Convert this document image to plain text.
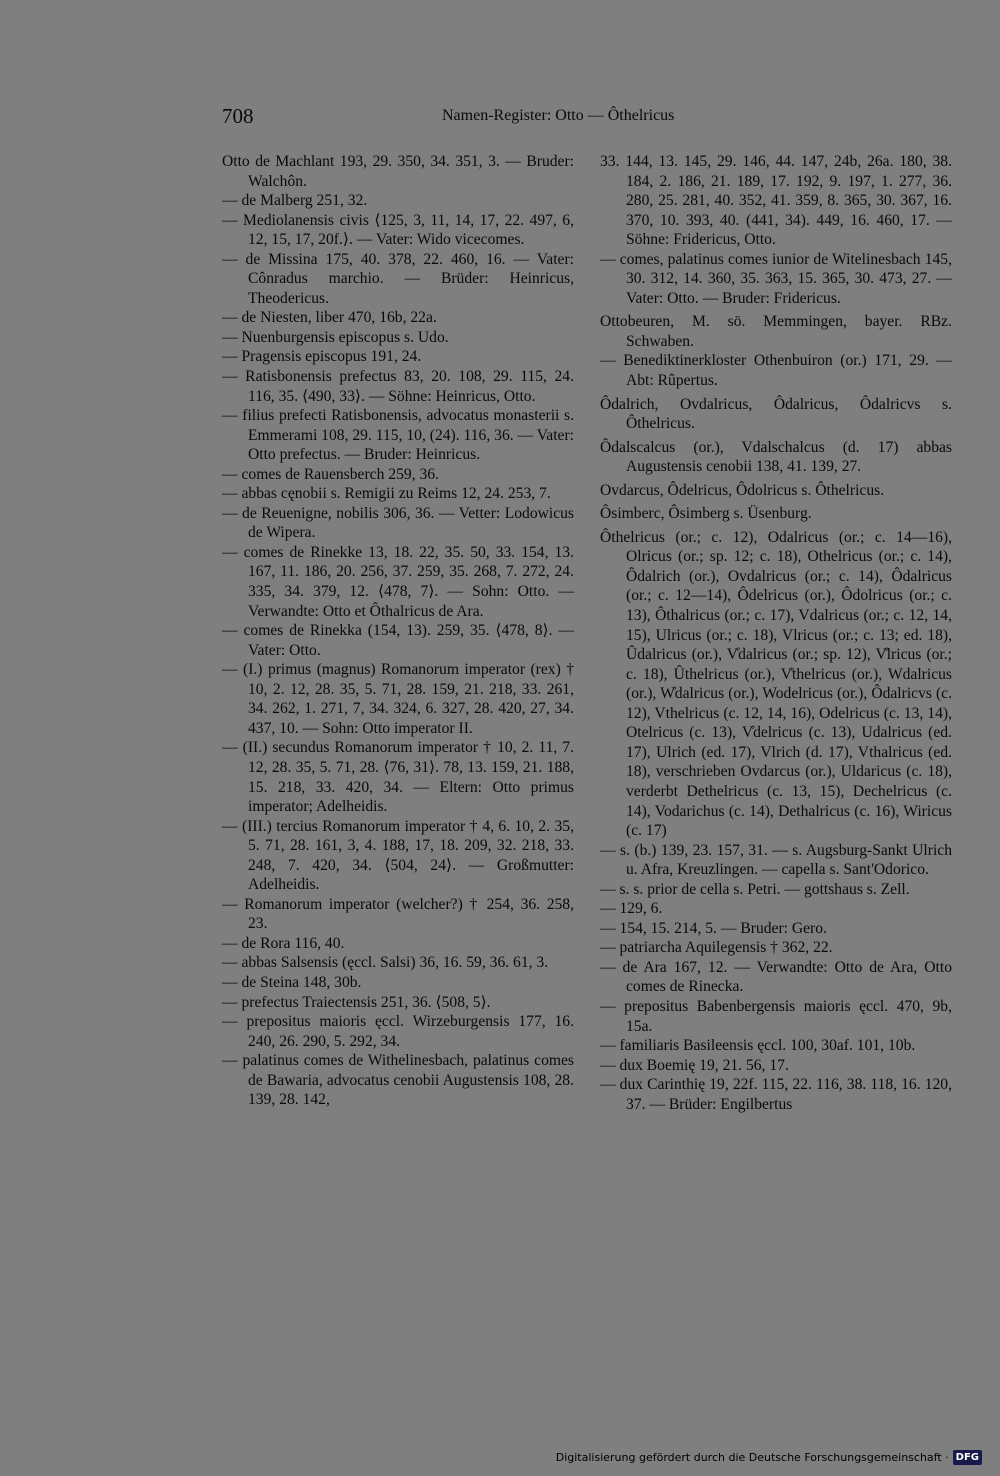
708	Namen-Register: Otto — Ôthelricus

Otto de Machlant 193, 29. 350, 34. 351, 3. — Bruder: Walchôn.

— de Malberg 251, 32.

— Mediolanensis civis ⟨125, 3, 11, 14, 17, 22. 497, 6, 12, 15, 17, 20f.⟩. — Vater: Wido vicecomes.

— de Missina 175, 40. 378, 22. 460, 16. — Vater: Cônradus marchio. — Brüder: Heinricus, Theodericus.

— de Niesten, liber 470, 16b, 22a.

— Nuenburgensis episcopus s. Udo.

— Pragensis episcopus 191, 24.

— Ratisbonensis prefectus 83, 20. 108, 29. 115, 24. 116, 35. ⟨490, 33⟩. — Söhne: Heinricus, Otto.

— filius prefecti Ratisbonensis, advocatus monasterii s. Emmerami 108, 29. 115, 10, (24). 116, 36. — Vater: Otto prefectus. — Bruder: Heinricus.

— comes de Rauensberch 259, 36.

— abbas cęnobii s. Remigii zu Reims 12, 24. 253, 7.

— de Reuenigne, nobilis 306, 36. — Vetter: Lodowicus de Wipera.

— comes de Rinekke 13, 18. 22, 35. 50, 33. 154, 13. 167, 11. 186, 20. 256, 37. 259, 35. 268, 7. 272, 24. 335, 34. 379, 12. ⟨478, 7⟩. — Sohn: Otto. — Verwandte: Otto et Ôthalricus de Ara.

— comes de Rinekka (154, 13). 259, 35. ⟨478, 8⟩. — Vater: Otto.

— (I.) primus (magnus) Romanorum imperator (rex) † 10, 2. 12, 28. 35, 5. 71, 28. 159, 21. 218, 33. 261, 34. 262, 1. 271, 7, 34. 324, 6. 327, 28. 420, 27, 34. 437, 10. — Sohn: Otto imperator II.

— (II.) secundus Romanorum imperator † 10, 2. 11, 7. 12, 28. 35, 5. 71, 28. ⟨76, 31⟩. 78, 13. 159, 21. 188, 15. 218, 33. 420, 34. — Eltern: Otto primus imperator; Adelheidis.

— (III.) tercius Romanorum imperator † 4, 6. 10, 2. 35, 5. 71, 28. 161, 3, 4. 188, 17, 18. 209, 32. 218, 33. 248, 7. 420, 34. ⟨504, 24⟩. — Großmutter: Adelheidis.

— Romanorum imperator (welcher?) † 254, 36. 258, 23.

— de Rora 116, 40.

— abbas Salsensis (ęccl. Salsi) 36, 16. 59, 36. 61, 3.

— de Steina 148, 30b.

— prefectus Traiectensis 251, 36. ⟨508, 5⟩.

— prepositus maioris ęccl. Wirzeburgensis 177, 16. 240, 26. 290, 5. 292, 34.

— palatinus comes de Withelinesbach, palatinus comes de Bawaria, advocatus cenobii Augustensis 108, 28. 139, 28. 142,

33. 144, 13. 145, 29. 146, 44. 147, 24b, 26a. 180, 38. 184, 2. 186, 21. 189, 17. 192, 9. 197, 1. 277, 36. 280, 25. 281, 40. 352, 41. 359, 8. 365, 30. 367, 16. 370, 10. 393, 40. (441, 34). 449, 16. 460, 17. — Söhne: Fridericus, Otto.

— comes, palatinus comes iunior de Witelinesbach 145, 30. 312, 14. 360, 35. 363, 15. 365, 30. 473, 27. — Vater: Otto. — Bruder: Fridericus.

Ottobeuren, M. sö. Memmingen, bayer. RBz. Schwaben.

— Benediktinerkloster Othenbuiron (or.) 171, 29. — Abt: Rûpertus.

Ôdalrich, Ovdalricus, Ôdalricus, Ôdalricvs s. Ôthelricus.

Ôdalscalcus (or.), Vdalschalcus (d. 17) abbas Augustensis cenobii 138, 41. 139, 27.

Ovdarcus, Ôdelricus, Ôdolricus s. Ôthelricus.

Ôsimberc, Ôsimberg s. Üsenburg.

Ôthelricus (or.; c. 12), Odalricus (or.; c. 14—16), Olricus (or.; sp. 12; c. 18), Othelricus (or.; c. 14), Ôdalrich (or.), Ovdalricus (or.; c. 14), Ôdalricus (or.; c. 12—14), Ôdelricus (or.), Ôdolricus (or.; c. 13), Ôthalricus (or.; c. 17), Vdalricus (or.; c. 12, 14, 15), Ulricus (or.; c. 18), Vlricus (or.; c. 13; ed. 18), Ûdalricus (or.), V̊dalricus (or.; sp. 12), V̊lricus (or.; c. 18), Ûthelricus (or.), V̊thelricus (or.), Wdalricus (or.), W̊dalricus (or.), Wodelricus (or.), Ôdalricvs (c. 12), Vthelricus (c. 12, 14, 16), Odelricus (c. 13, 14), Otelricus (c. 13), V̊delricus (c. 13), Udalricus (ed. 17), Ulrich (ed. 17), Vlrich (d. 17), Vthalricus (ed. 18), verschrieben Ovdarcus (or.), Uldaricus (c. 18), verderbt Dethelricus (c. 13, 15), Dechelricus (c. 14), Vodarichus (c. 14), Dethalricus (c. 16), Wiricus (c. 17)

— s. (b.) 139, 23. 157, 31. — s. Augsburg-Sankt Ulrich u. Afra, Kreuzlingen. — capella s. Sant'Odorico.

— s. s. prior de cella s. Petri. — gottshaus s. Zell.

— 129, 6.

— 154, 15. 214, 5. — Bruder: Gero.

— patriarcha Aquilegensis † 362, 22.

— de Ara 167, 12. — Verwandte: Otto de Ara, Otto comes de Rinecka.

— prepositus Babenbergensis maioris ęccl. 470, 9b, 15a.

— familiaris Basileensis ęccl. 100, 30af. 101, 10b.

— dux Boemię 19, 21. 56, 17.

— dux Carinthię 19, 22f. 115, 22. 116, 38. 118, 16. 120, 37. — Brüder: Engilbertus

Digitalisierung gefördert durch die Deutsche Forschungsgemeinschaft · DFG
